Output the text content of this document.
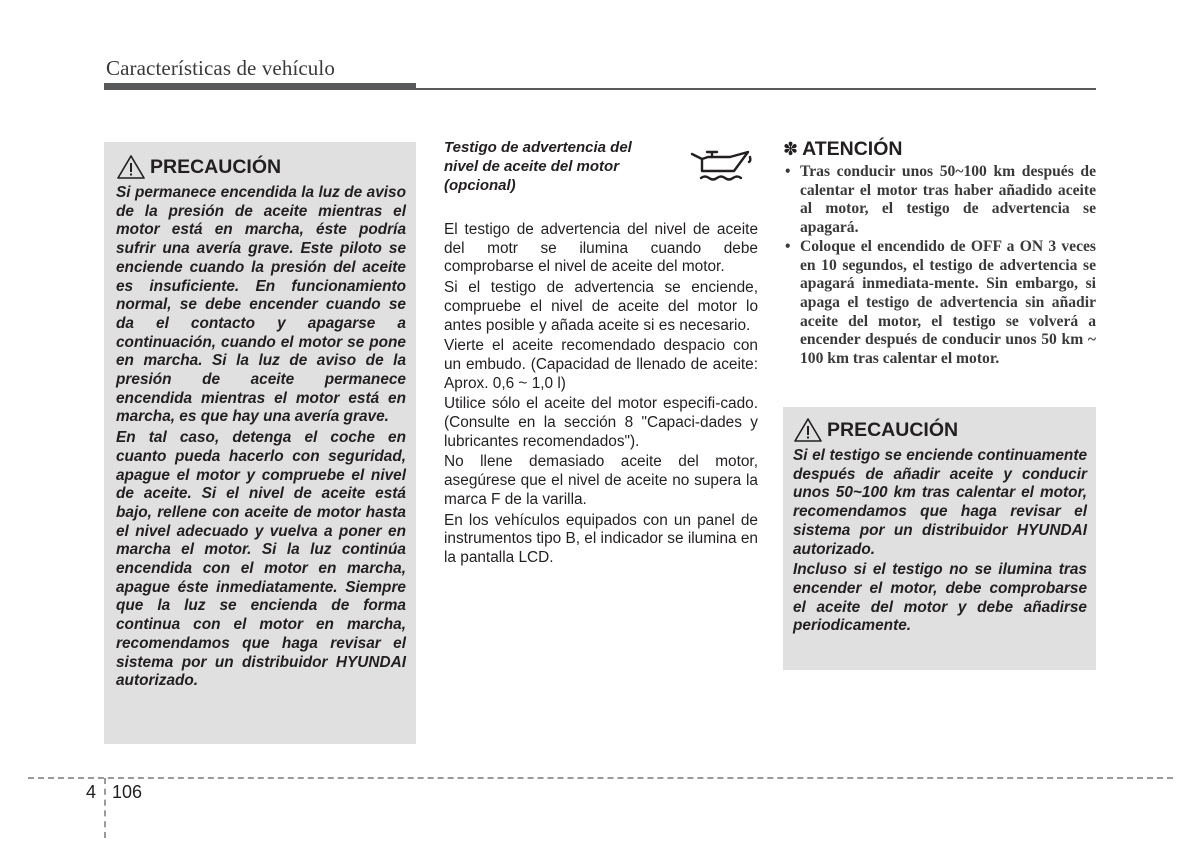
Características de vehículo
PRECAUCIÓN

Si permanece encendida la luz de aviso de la presión de aceite mientras el motor está en marcha, éste podría sufrir una avería grave. Este piloto se enciende cuando la presión del aceite es insuficiente. En funcionamiento normal, se debe encender cuando se da el contacto y apagarse a continuación, cuando el motor se pone en marcha. Si la luz de aviso de la presión de aceite permanece encendida mientras el motor está en marcha, es que hay una avería grave.

En tal caso, detenga el coche en cuanto pueda hacerlo con seguridad, apague el motor y compruebe el nivel de aceite. Si el nivel de aceite está bajo, rellene con aceite de motor hasta el nivel adecuado y vuelva a poner en marcha el motor. Si la luz continúa encendida con el motor en marcha, apague éste inmediatamente. Siempre que la luz se encienda de forma continua con el motor en marcha, recomendamos que haga revisar el sistema por un distribuidor HYUNDAI autorizado.

Testigo de advertencia del nivel de aceite del motor (opcional)

El testigo de advertencia del nivel de aceite del motr se ilumina cuando debe comprobarse el nivel de aceite del motor.

Si el testigo de advertencia se enciende, compruebe el nivel de aceite del motor lo antes posible y añada aceite si es necesario.

Vierte el aceite recomendado despacio con un embudo. (Capacidad de llenado de aceite: Aprox. 0,6 ~ 1,0 l)

Utilice sólo el aceite del motor especifi-cado. (Consulte en la sección 8 "Capaci-dades y lubricantes recomendados").

No llene demasiado aceite del motor, asegúrese que el nivel de aceite no supera la marca F de la varilla.

En los vehículos equipados con un panel de instrumentos tipo B, el indicador se ilumina en la pantalla LCD.

✽ ATENCIÓN
• Tras conducir unos 50~100 km después de calentar el motor tras haber añadido aceite al motor, el testigo de advertencia se apagará.
• Coloque el encendido de OFF a ON 3 veces en 10 segundos, el testigo de advertencia se apagará inmediata-mente. Sin embargo, si apaga el testigo de advertencia sin añadir aceite del motor, el testigo se volverá a encender después de conducir unos 50 km ~ 100 km tras calentar el motor.
PRECAUCIÓN

Si el testigo se enciende continuamente después de añadir aceite y conducir unos 50~100 km tras calentar el motor, recomendamos que haga revisar el sistema por un distribuidor HYUNDAI autorizado.

Incluso si el testigo no se ilumina tras encender el motor, debe comprobarse el aceite del motor y debe añadirse periodicamente.

4 106
